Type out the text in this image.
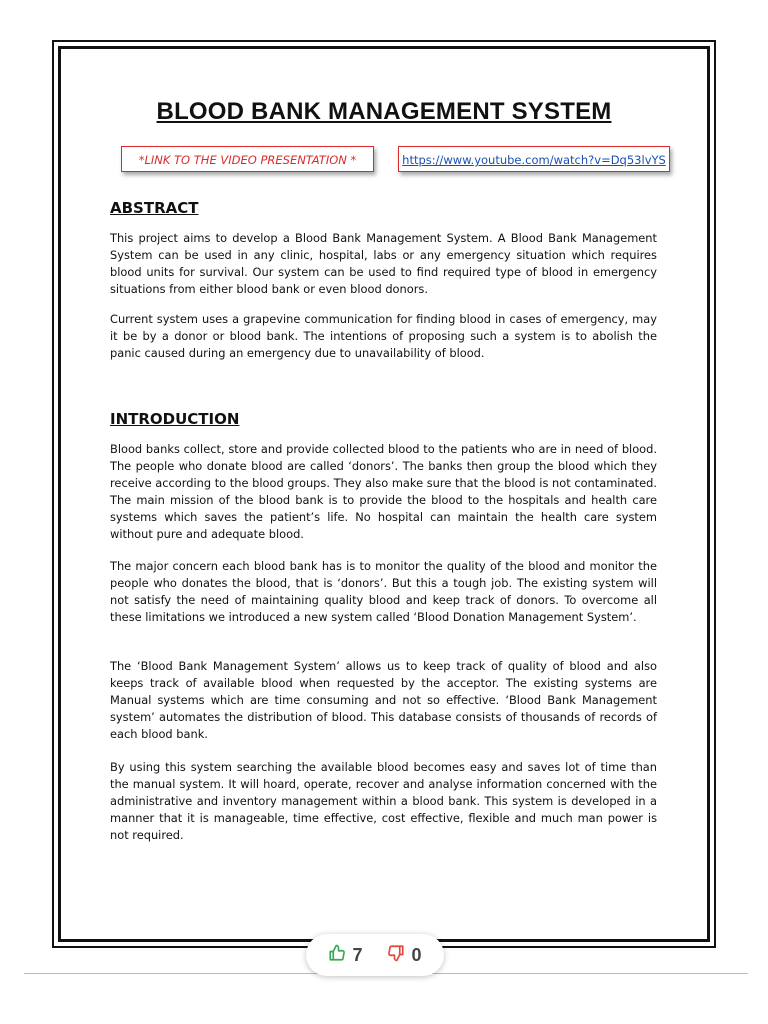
BLOOD BANK MANAGEMENT SYSTEM
*LINK TO THE VIDEO PRESENTATION *	https://www.youtube.com/watch?v=Dq53lvYS
ABSTRACT

This project aims to develop a Blood Bank Management System. A Blood Bank Management System can be used in any clinic, hospital, labs or any emergency situation which requires blood units for survival. Our system can be used to find required type of blood in emergency situations from either blood bank or even blood donors.

Current system uses a grapevine communication for finding blood in cases of emergency, may it be by a donor or blood bank. The intentions of proposing such a system is to abolish the panic caused during an emergency due to unavailability of blood.

INTRODUCTION

Blood banks collect, store and provide collected blood to the patients who are in need of blood. The people who donate blood are called ‘donors’. The banks then group the blood which they receive according to the blood groups. They also make sure that the blood is not contaminated. The main mission of the blood bank is to provide the blood to the hospitals and health care systems which saves the patient’s life. No hospital can maintain the health care system without pure and adequate blood.

The major concern each blood bank has is to monitor the quality of the blood and monitor the people who donates the blood, that is ‘donors’. But this a tough job. The existing system will not satisfy the need of maintaining quality blood and keep track of donors. To overcome all these limitations we introduced a new system called ‘Blood Donation Management System’.

The ‘Blood Bank Management System’ allows us to keep track of quality of blood and also keeps track of available blood when requested by the acceptor. The existing systems are Manual systems which are time consuming and not so effective. ‘Blood Bank Management system’ automates the distribution of blood. This database consists of thousands of records of each blood bank.

By using this system searching the available blood becomes easy and saves lot of time than the manual system. It will hoard, operate, recover and analyse information concerned with the administrative and inventory management within a blood bank. This system is developed in a manner that it is manageable, time effective, cost effective, flexible and much man power is not required.

7	0
